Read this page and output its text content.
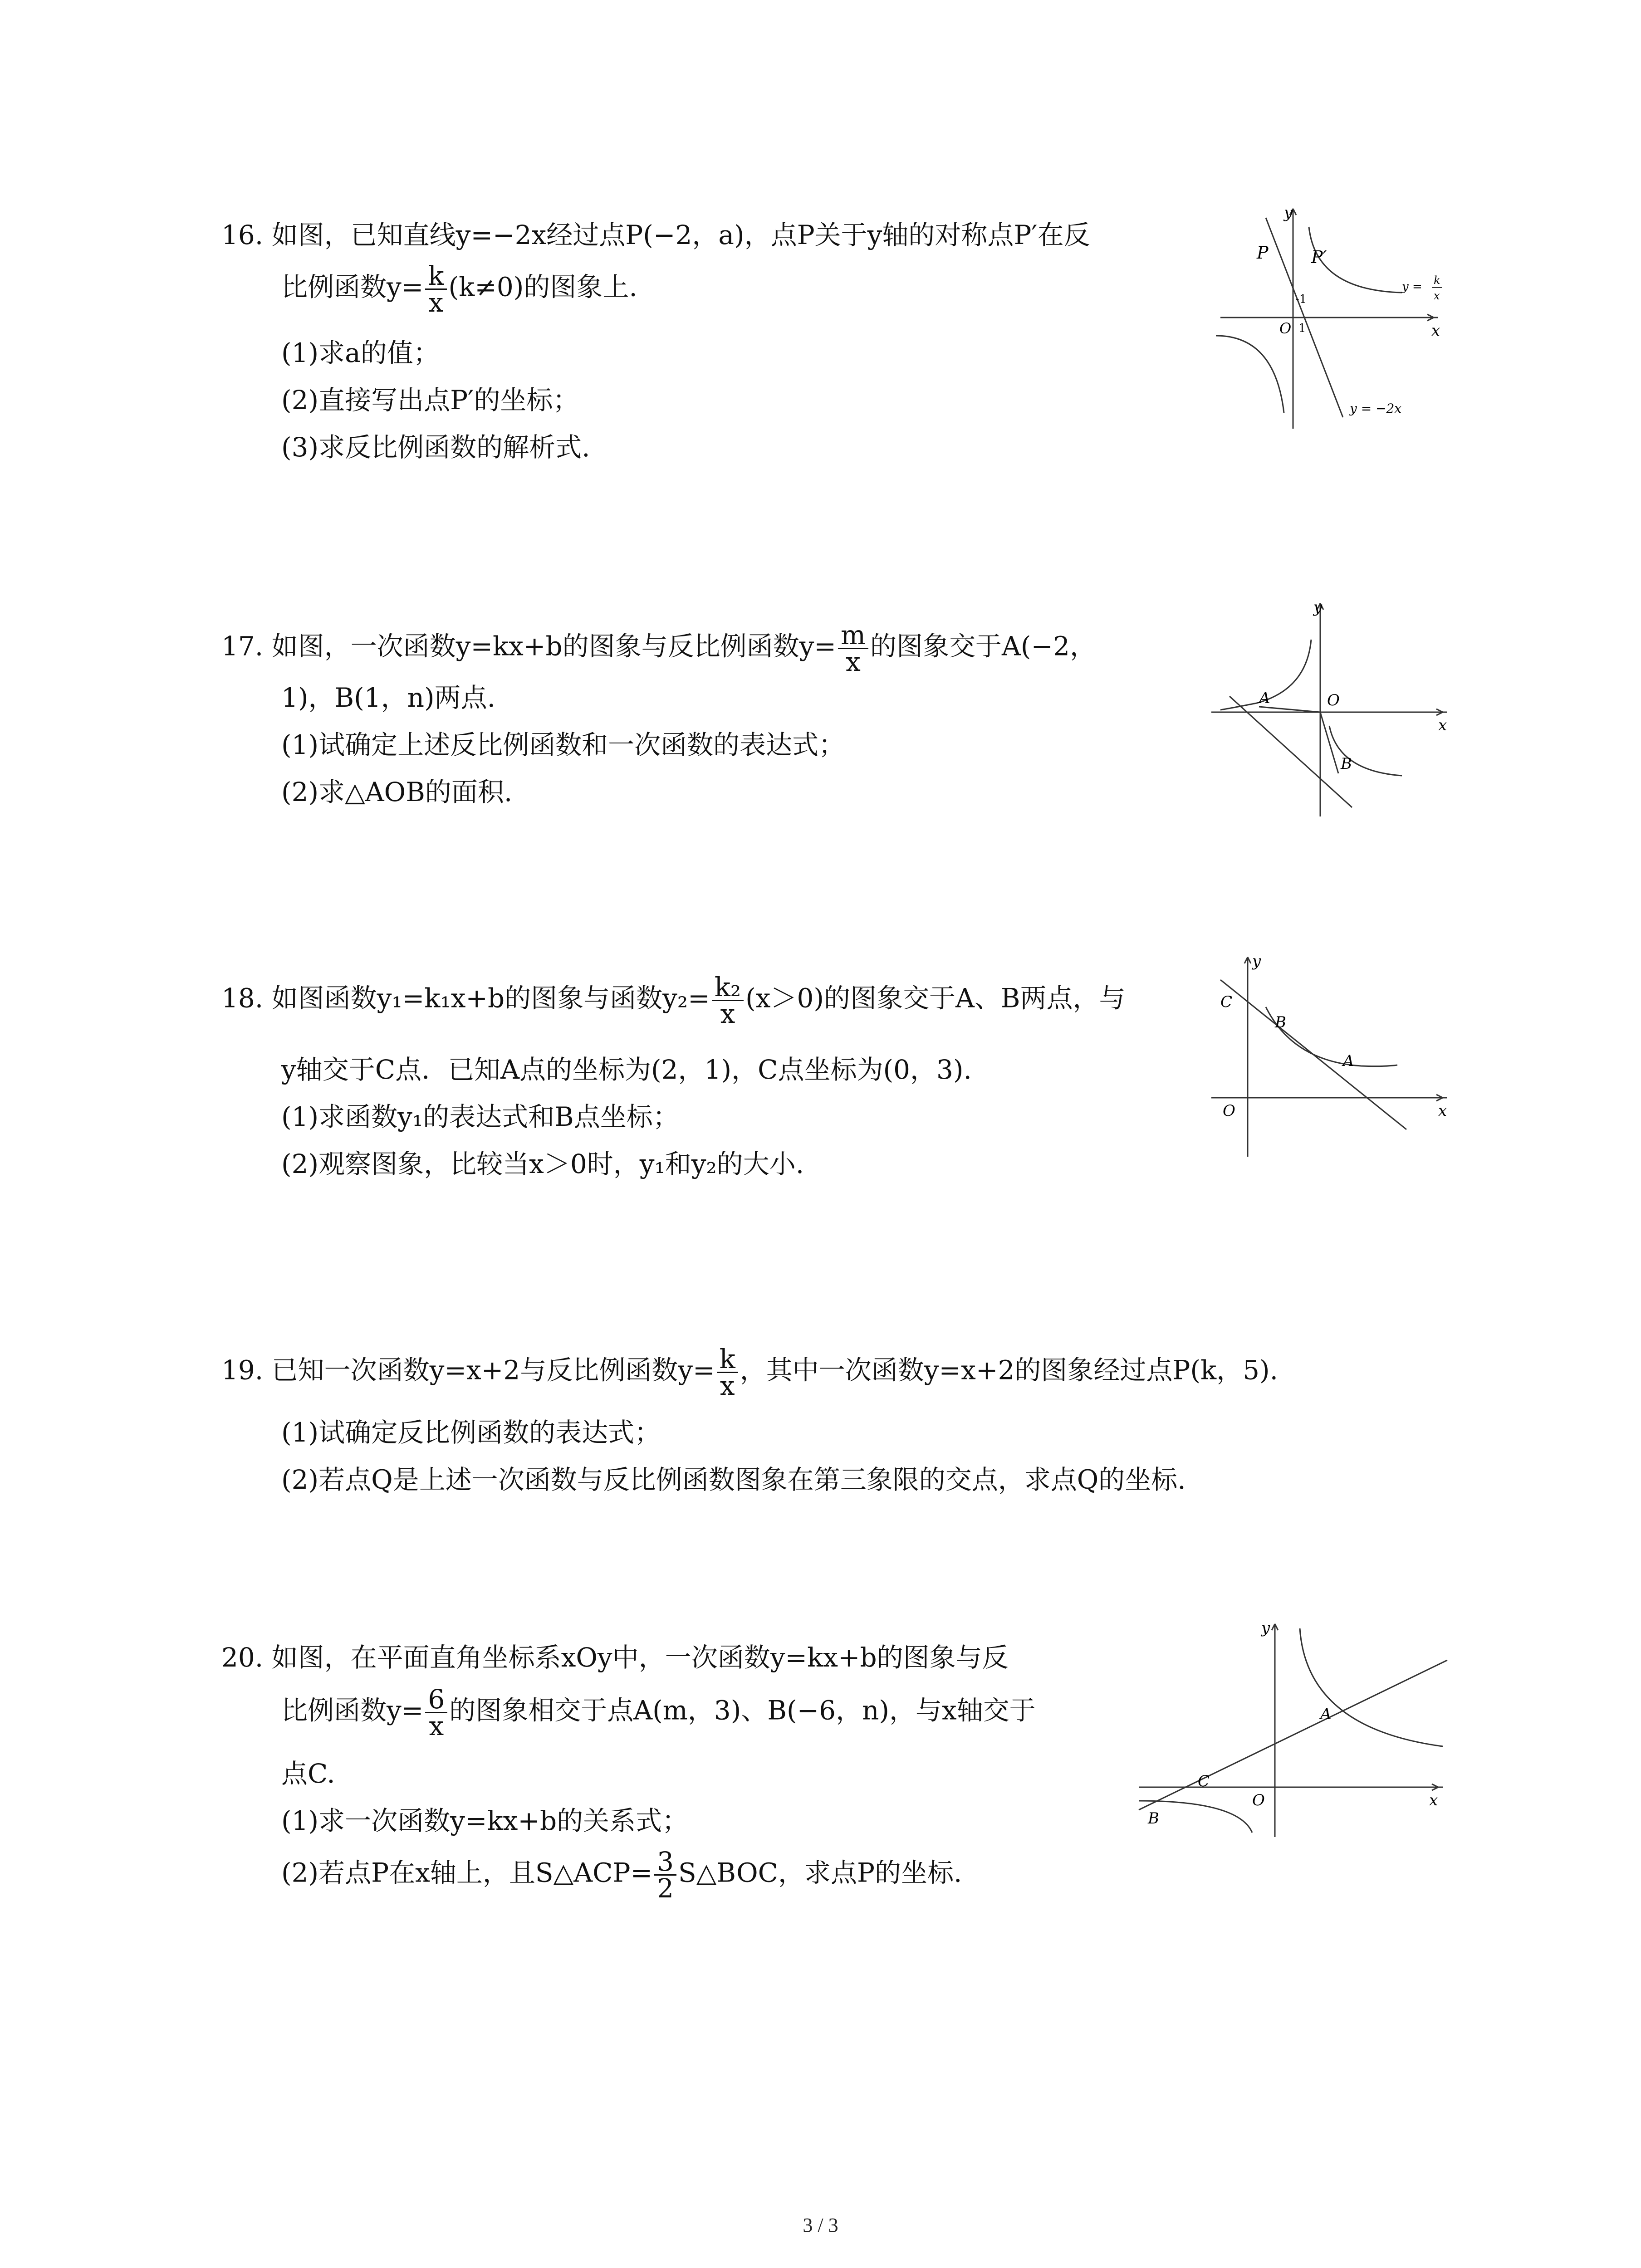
16. 如图，已知直线y=−2x经过点P(−2，a)，点P关于y轴的对称点P′在反
比例函数$y= \frac{k}{x} (k\ne 0)$的图象上.
(1)求a的值；
(2)直接写出点P′的坐标；
(3)求反比例函数的解析式.
y
x
P P′
O 1
-1
y = k
x
y = −2x
17. 如图，一次函数y=kx+b的图象与反比例函数$y= \frac{m}{x}$ 的图象交于A(−2，
1)，B(1，n)两点.
(1)试确定上述反比例函数和一次函数的表达式；
(2)求△AOB的面积.
y
x
A
B
O
18. 如图函数y₁=k₁x+b的图象与函数$y_2= \frac{\text{k₂}}{x} (x>0)$的图象交于A、B两点，与
y轴交于C点．已知A点的坐标为(2，1)，C点坐标为(0，3).
(1)求函数y₁的表达式和B点坐标；
(2)观察图象，比较当x＞0时，y₁和y₂的大小.
y
x
C
B
A
O
19. 已知一次函数y=x+2与反比例函数$y= \frac{k}{x}$ ，其中一次函数y=x+2的图象经过点P(k，5).
(1)试确定反比例函数的表达式；
(2)若点Q是上述一次函数与反比例函数图象在第三象限的交点，求点Q的坐标.
20. 如图，在平面直角坐标系xOy中，一次函数y=kx+b的图象与反
比例函数$y= \frac{6}{x}$ 的图象相交于点A(m，3)、B(−6，n)，与x轴交于
点C.
(1)求一次函数y=kx+b的关系式；
(2)若点P在x轴上，且S△ACP= $\frac{3}{2}$ S△BOC，求点P的坐标.
y
x
A
B
C
O
3 / 3
